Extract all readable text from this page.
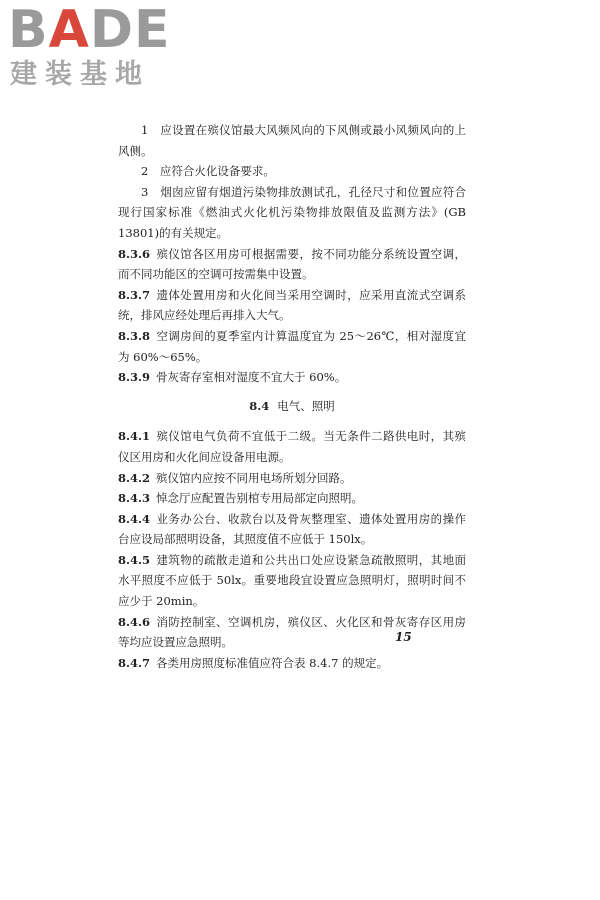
BADE
建装基地

1　应设置在殡仪馆最大风频风向的下风侧或最小风频风向的上风侧。

2　应符合火化设备要求。

3　烟囱应留有烟道污染物排放测试孔，孔径尺寸和位置应符合现行国家标准《燃油式火化机污染物排放限值及监测方法》(GB 13801)的有关规定。

8.3.6 殡仪馆各区用房可根据需要，按不同功能分系统设置空调，而不同功能区的空调可按需集中设置。

8.3.7 遗体处置用房和火化间当采用空调时，应采用直流式空调系统，排风应经处理后再排入大气。

8.3.8 空调房间的夏季室内计算温度宜为 25～26℃，相对湿度宜为 60%～65%。

8.3.9 骨灰寄存室相对湿度不宜大于 60%。

8.4 电气、照明

8.4.1 殡仪馆电气负荷不宜低于二级。当无条件二路供电时，其殡仪区用房和火化间应设备用电源。

8.4.2 殡仪馆内应按不同用电场所划分回路。

8.4.3 悼念厅应配置告别棺专用局部定向照明。

8.4.4 业务办公台、收款台以及骨灰整理室、遗体处置用房的操作台应设局部照明设备，其照度值不应低于 150lx。

8.4.5 建筑物的疏散走道和公共出口处应设紧急疏散照明，其地面水平照度不应低于 50lx。重要地段宜设置应急照明灯，照明时间不应少于 20min。

8.4.6 消防控制室、空调机房，殡仪区、火化区和骨灰寄存区用房等均应设置应急照明。

8.4.7 各类用房照度标准值应符合表 8.4.7 的规定。

15
